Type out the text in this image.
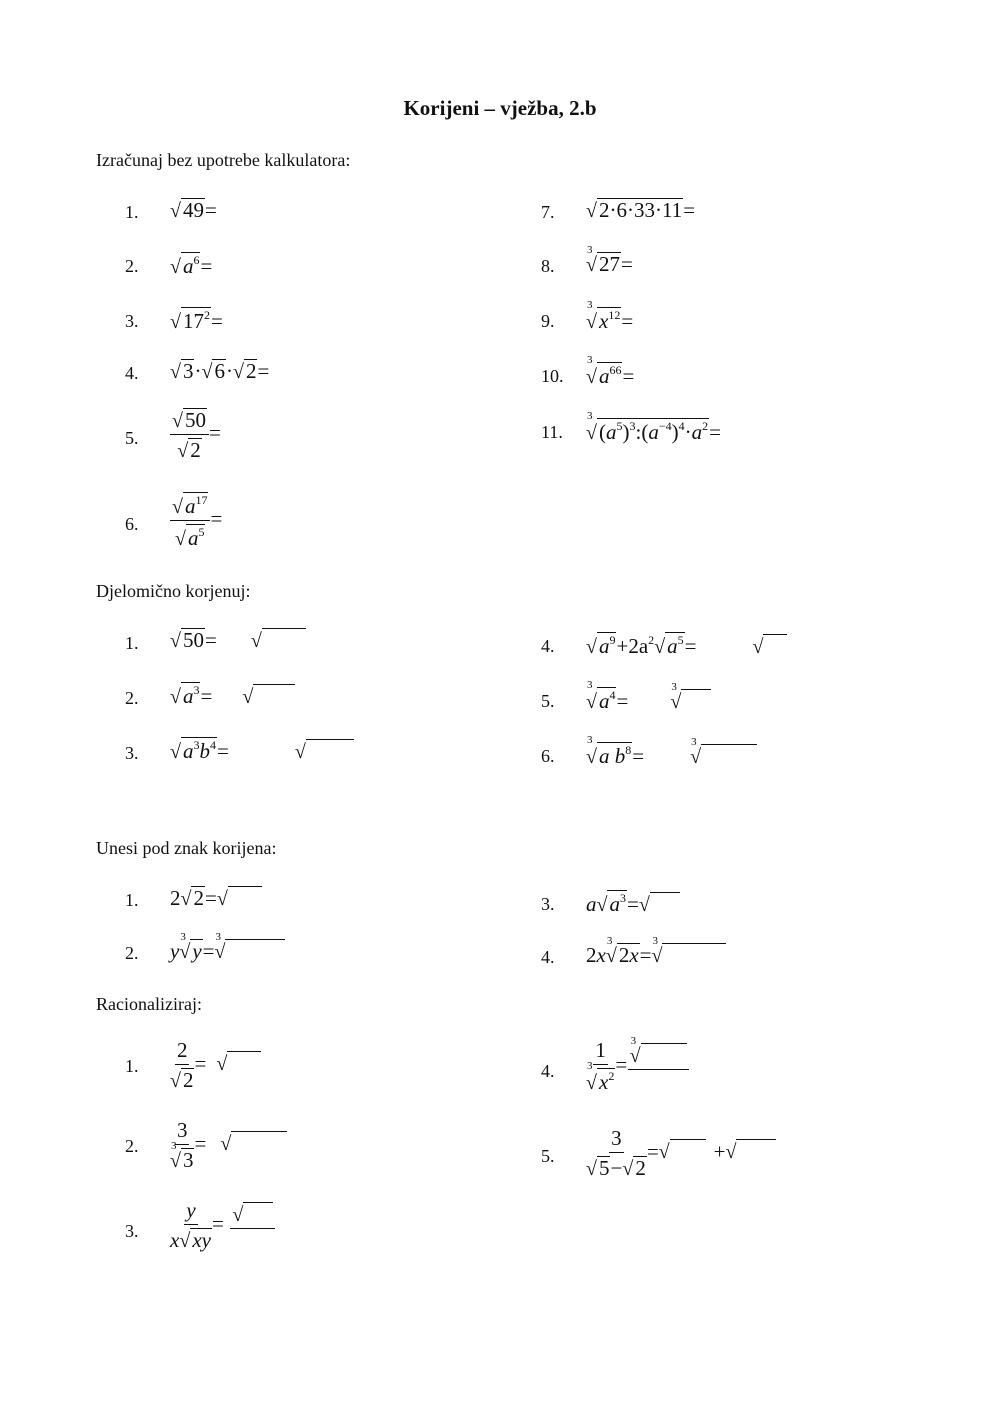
Korijeni – vježba, 2.b
Izračunaj bez upotrebe kalkulatora:
1. √49=
2. $√a^6=$
3. $√17^2=$
4. √3·√6·√2=
5. $\frac{√50}{√2}$ =
6. $\frac{√a^{17}}{√a^5}$ =
7. √2·6·33·11=
8.
3
√27=
9.
3
$√x^{12}=$
10.
3
$√a^{66}=$
11.
3
$√(a^5)^3:(a^{-4})^4\cdot a^2=$
Djelomično korjenuj:
1. √50= √
2. $√a^3=$ √
3. $√a^3b^4=$	√
4. $√a^9+2a^2√a^5=$	√
5.
3
$√a^4=$
3
√
6.
3
√a $b^8=$
3
√
Unesi pod znak korijena:
1. 2√2=√
2. y
3
√y=
3
√
3. $a√a^3=√$
4. 2x
3
√2x=
3
√
Racionaliziraj:
1. $\frac{2}{√2}$ = √
2. 3
3
√3 = √
3. $\frac{y}{x√xy}$ = √
4. 1
3
$√x^2$ =
3
√
5. $\frac{3}{√5-√2}$ =√ +√
